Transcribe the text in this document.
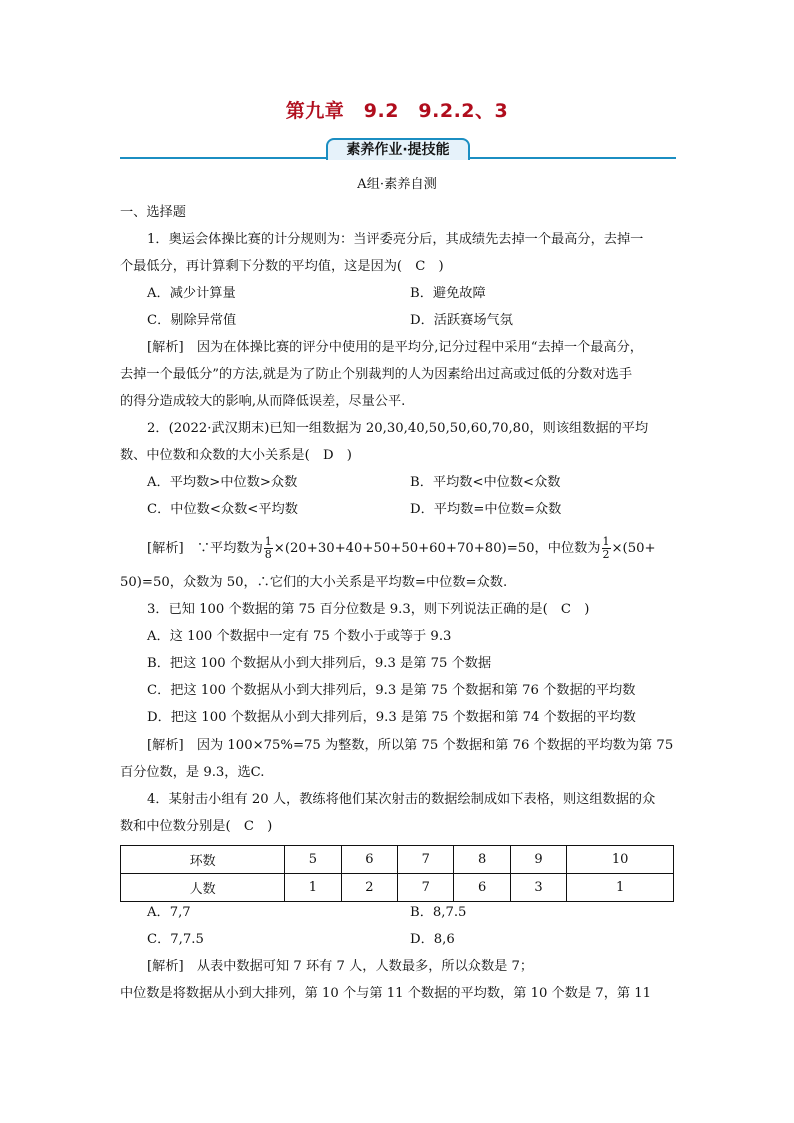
第九章　9.2　9.2.2、3
素养作业·提技能
A组·素养自测
一、选择题
1．奥运会体操比赛的计分规则为：当评委亮分后，其成绩先去掉一个最高分，去掉一
个最低分，再计算剩下分数的平均值，这是因为(　C　)
A．减少计算量	B．避免故障
C．剔除异常值	D．活跃赛场气氛
[解析]　因为在体操比赛的评分中使用的是平均分,记分过程中采用“去掉一个最高分，
去掉一个最低分”的方法,就是为了防止个别裁判的人为因素给出过高或过低的分数对选手
的得分造成较大的影响,从而降低误差，尽量公平.
2．(2022·武汉期末)已知一组数据为 20,30,40,50,50,60,70,80，则该组数据的平均
数、中位数和众数的大小关系是(　D　)
A．平均数>中位数>众数	B．平均数<中位数<众数
C．中位数<众数<平均数	D．平均数=中位数=众数
[解析]　∵平均数为 $\frac{1}{8} \times(20+30+40+50+50+60+70+80)=50$，中位数为 $\frac{1}{2} \times(50+$
50)=50，众数为 50，∴它们的大小关系是平均数=中位数=众数.
3．已知 100 个数据的第 75 百分位数是 9.3，则下列说法正确的是(　C　)
A．这 100 个数据中一定有 75 个数小于或等于 9.3
B．把这 100 个数据从小到大排列后，9.3 是第 75 个数据
C．把这 100 个数据从小到大排列后，9.3 是第 75 个数据和第 76 个数据的平均数
D．把这 100 个数据从小到大排列后，9.3 是第 75 个数据和第 74 个数据的平均数
[解析]　因为 100×75%=75 为整数，所以第 75 个数据和第 76 个数据的平均数为第 75
百分位数，是 9.3，选C.
4．某射击小组有 20 人，教练将他们某次射击的数据绘制成如下表格，则这组数据的众
数和中位数分别是(　C　)
环数	5	6	7	8	9	10
人数	1	2	7	6	3	1
A．7,7	B．8,7.5
C．7,7.5	D．8,6
[解析]　从表中数据可知 7 环有 7 人，人数最多，所以众数是 7；
中位数是将数据从小到大排列，第 10 个与第 11 个数据的平均数，第 10 个数是 7，第 11
